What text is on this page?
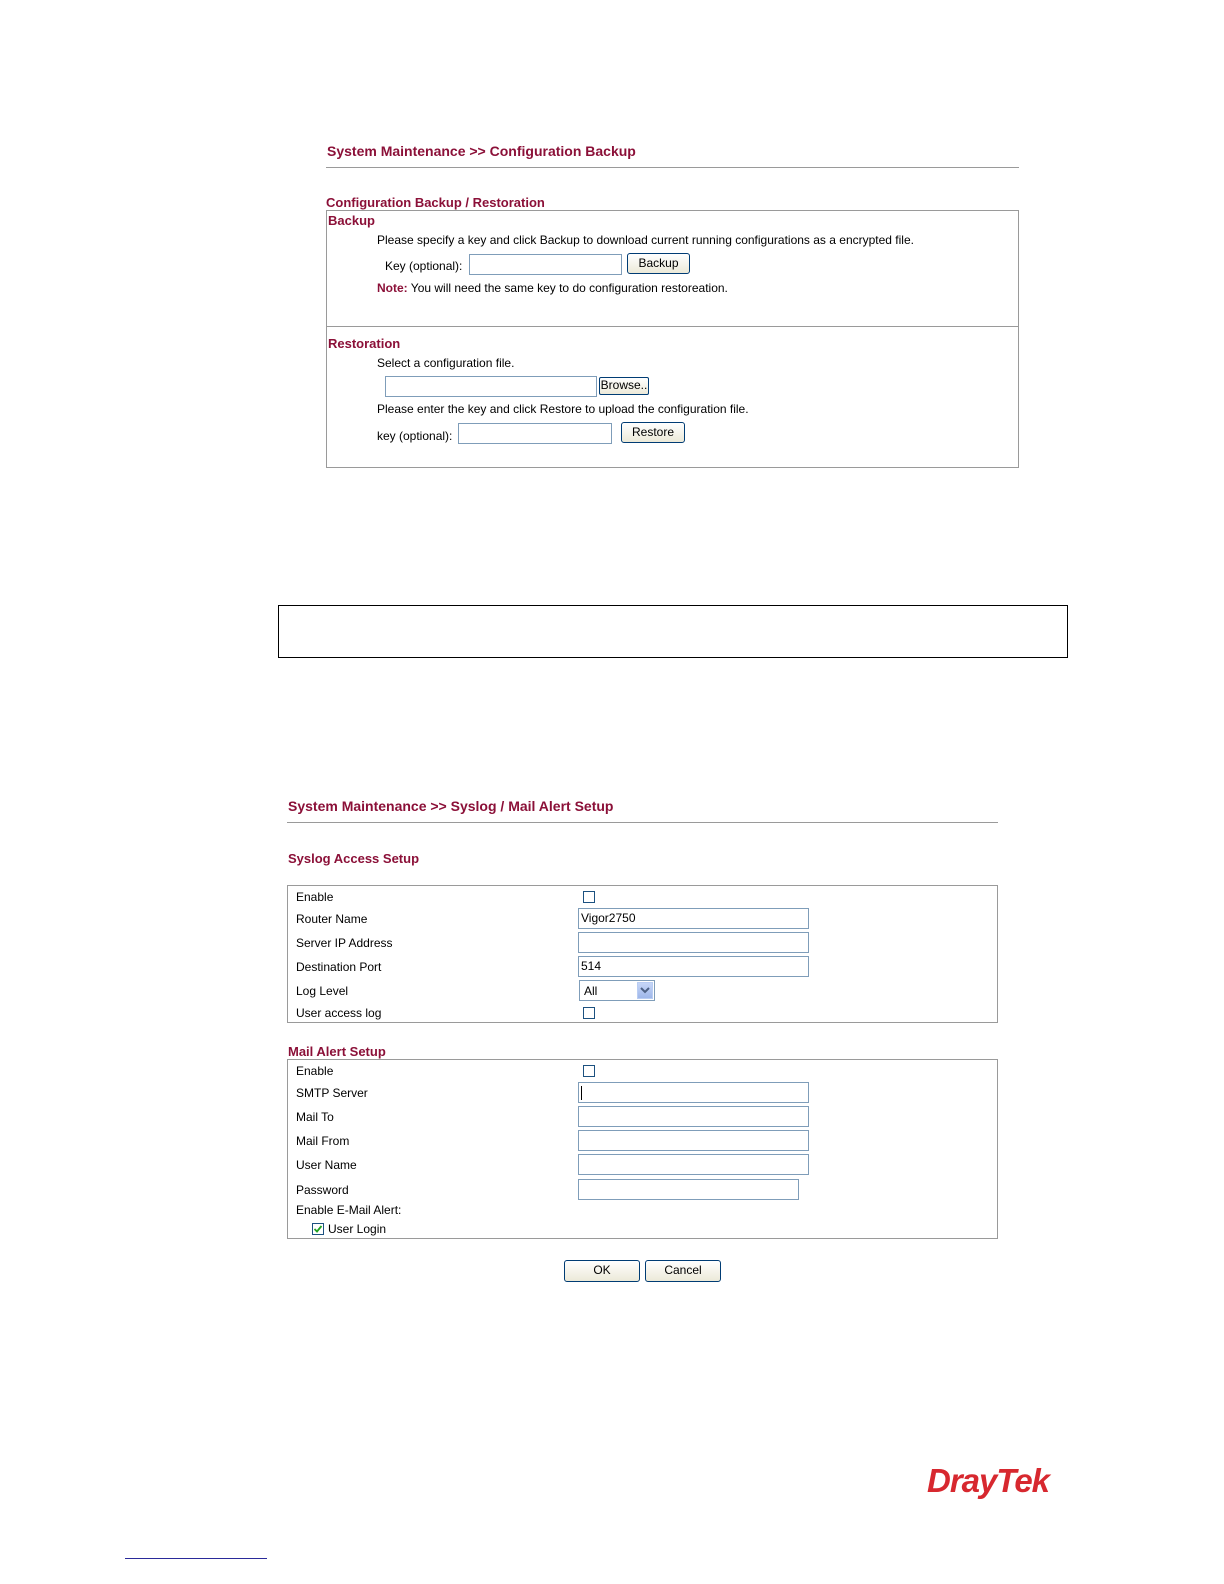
System Maintenance >> Configuration Backup
Configuration Backup / Restoration
Backup
Please specify a key and click Backup to download current running configurations as a encrypted file.
Key (optional):	Backup
Note: You will need the same key to do configuration restoreation.
Restoration
Select a configuration file.
Browse..
Please enter the key and click Restore to upload the configuration file.
key (optional):	Restore
System Maintenance >> Syslog / Mail Alert Setup
Syslog Access Setup
Enable
Router Name	Vigor2750
Server IP Address
Destination Port	514
Log Level	All
User access log
Mail Alert Setup
Enable
SMTP Server
Mail To
Mail From
User Name
Password
Enable E-Mail Alert:
User Login
OK	Cancel
DrayTek
